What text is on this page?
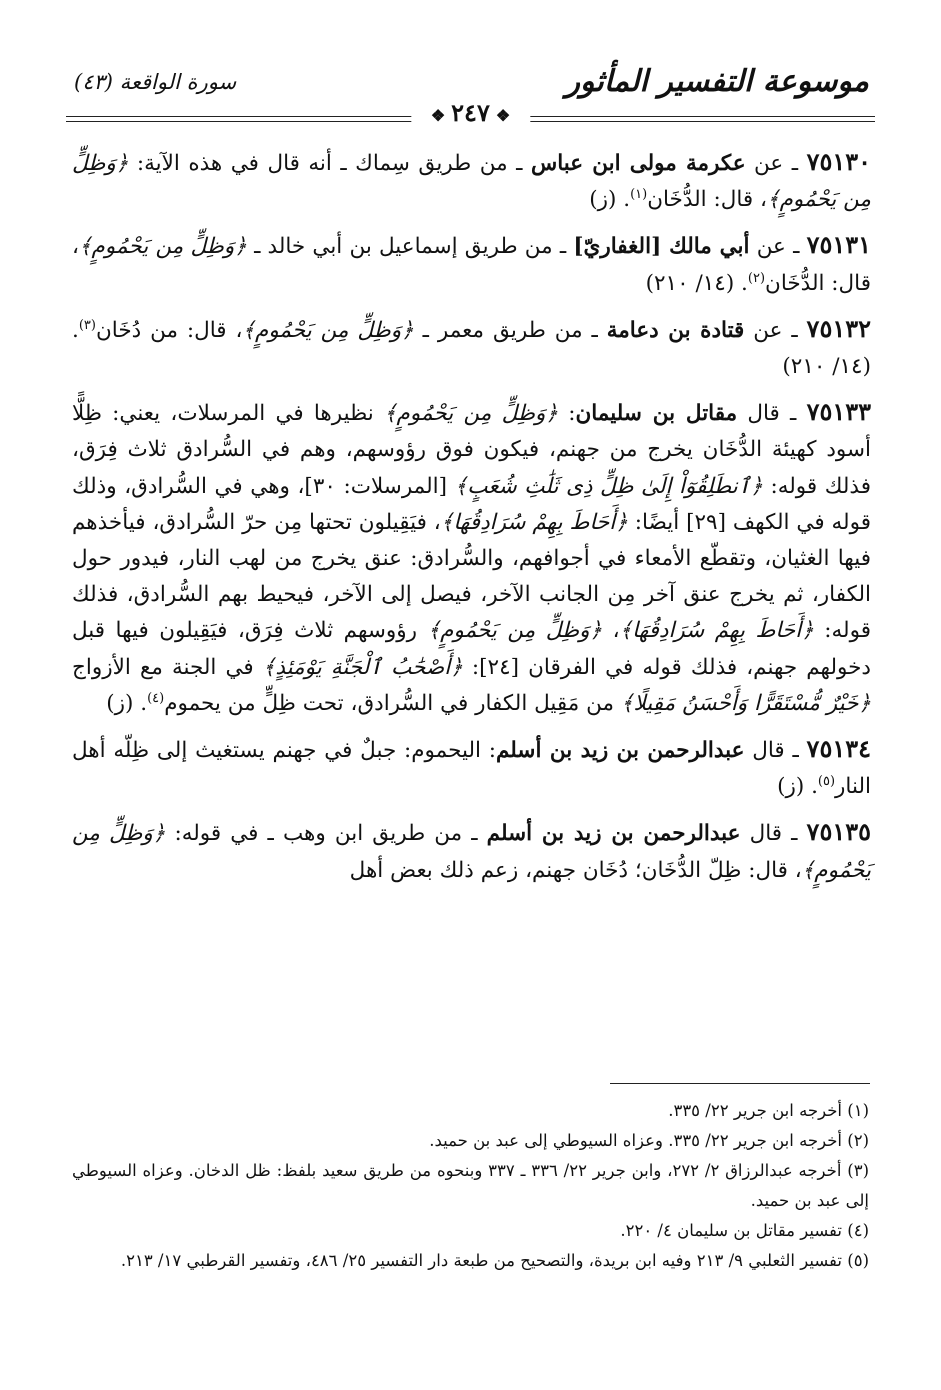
موسوعة التفسير المأثور
سورة الواقعة (٤٣)
❖٢٤٧❖

٧٥١٣٠ ـ عن عكرمة مولى ابن عباس ـ من طريق سِماك ـ أنه قال في هذه الآية: ﴿وَظِلٍّ مِن يَحْمُومٍ﴾، قال: الدُّخَان$^{(١)}$. (ز)

٧٥١٣١ ـ عن أبي مالك [الغفاريّ] ـ من طريق إسماعيل بن أبي خالد ـ ﴿وَظِلٍّ مِن يَحْمُومٍ﴾، قال: الدُّخَان$^{(٢)}$. (١٤/ ٢١٠)

٧٥١٣٢ ـ عن قتادة بن دعامة ـ من طريق معمر ـ ﴿وَظِلٍّ مِن يَحْمُومٍ﴾، قال: من دُخَان$^{(٣)}$. (١٤/ ٢١٠)

٧٥١٣٣ ـ قال مقاتل بن سليمان: ﴿وَظِلٍّ مِن يَحْمُومٍ﴾ نظيرها في المرسلات، يعني: ظِلًّا أسود كهيئة الدُّخَان يخرج من جهنم، فيكون فوق رؤوسهم، وهم في السُّرادق ثلاث فِرَق، فذلك قوله: ﴿ٱنطَلِقُوٓاْ إِلَىٰ ظِلٍّ ذِى ثَلَٰثِ شُعَبٍ﴾ [المرسلات: ٣٠]، وهي في السُّرادق، وذلك قوله في الكهف [٢٩] أيضًا: ﴿أَحَاطَ بِهِمْ سُرَادِقُهَا﴾، فيَقِيلون تحتها مِن حرّ السُّرادق، فيأخذهم فيها الغثيان، وتقطّع الأمعاء في أجوافهم، والسُّرادق: عنق يخرج من لهب النار، فيدور حول الكفار، ثم يخرج عنق آخر مِن الجانب الآخر، فيصل إلى الآخر، فيحيط بهم السُّرادق، فذلك قوله: ﴿أَحَاطَ بِهِمْ سُرَادِقُهَا﴾، ﴿وَظِلٍّ مِن يَحْمُومٍ﴾ رؤوسهم ثلاث فِرَق، فيَقِيلون فيها قبل دخولهم جهنم، فذلك قوله في الفرقان [٢٤]: ﴿أَصْحَٰبُ ٱلْجَنَّةِ يَوْمَئِذٍ﴾ في الجنة مع الأزواج ﴿خَيْرٌ مُّسْتَقَرًّا وَأَحْسَنُ مَقِيلًا﴾ من مَقِيل الكفار في السُّرادق، تحت ظِلٍّ من يحموم$^{(٤)}$. (ز)

٧٥١٣٤ ـ قال عبدالرحمن بن زيد بن أسلم: اليحموم: جبلٌ في جهنم يستغيث إلى ظِلّه أهل النار$^{(٥)}$. (ز)

٧٥١٣٥ ـ قال عبدالرحمن بن زيد بن أسلم ـ من طريق ابن وهب ـ في قوله: ﴿وَظِلٍّ مِن يَحْمُومٍ﴾، قال: ظِلّ الدُّخَان؛ دُخَان جهنم، زعم ذلك بعض أهل

(١) أخرجه ابن جرير ٢٢/ ٣٣٥.

(٢) أخرجه ابن جرير ٢٢/ ٣٣٥. وعزاه السيوطي إلى عبد بن حميد.

(٣) أخرجه عبدالرزاق ٢/ ٢٧٢، وابن جرير ٢٢/ ٣٣٦ ـ ٣٣٧ وبنحوه من طريق سعيد بلفظ: ظل الدخان. وعزاه السيوطي إلى عبد بن حميد.

(٤) تفسير مقاتل بن سليمان ٤/ ٢٢٠.

(٥) تفسير الثعلبي ٩/ ٢١٣ وفيه ابن بريدة، والتصحيح من طبعة دار التفسير ٢٥/ ٤٨٦، وتفسير القرطبي ١٧/ ٢١٣.
